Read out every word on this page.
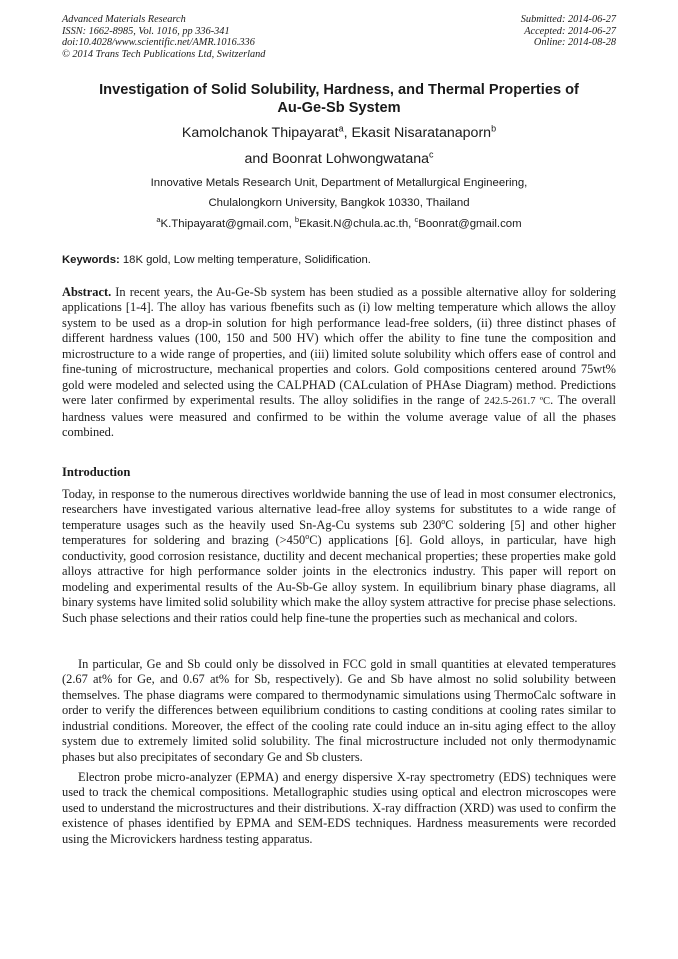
Advanced Materials Research
ISSN: 1662-8985, Vol. 1016, pp 336-341
doi:10.4028/www.scientific.net/AMR.1016.336
© 2014 Trans Tech Publications Ltd, Switzerland
Submitted: 2014-06-27
Accepted: 2014-06-27
Online: 2014-08-28
Investigation of Solid Solubility, Hardness, and Thermal Properties of
Au-Ge-Sb System
Kamolchanok Thipayarat$^a$, Ekasit Nisaratanaporn$^b$
and Boonrat Lohwongwatana$^c$
Innovative Metals Research Unit, Department of Metallurgical Engineering,
Chulalongkorn University, Bangkok 10330, Thailand
$^a$K.Thipayarat@gmail.com, $^b$Ekasit.N@chula.ac.th, $^c$Boonrat@gmail.com
Keywords: 18K gold, Low melting temperature, Solidification.
Abstract. In recent years, the Au-Ge-Sb system has been studied as a possible alternative alloy for soldering applications [1-4]. The alloy has various fbenefits such as (i) low melting temperature which allows the alloy system to be used as a drop-in solution for high performance lead-free solders, (ii) three distinct phases of different hardness values (100, 150 and 500 HV) which offer the ability to fine tune the composition and microstructure to a wide range of properties, and (iii) limited solute solubility which offers ease of control and fine-tuning of microstructure, mechanical properties and colors. Gold compositions centered around 75wt% gold were modeled and selected using the CALPHAD (CALculation of PHAse Diagram) method. Predictions were later confirmed by experimental results. The alloy solidifies in the range of 242.5-261.7 ºC. The overall hardness values were measured and confirmed to be within the volume average value of all the phases combined.
Introduction
Today, in response to the numerous directives worldwide banning the use of lead in most consumer electronics, researchers have investigated various alternative lead-free alloy systems for substitutes to a wide range of temperature usages such as the heavily used Sn-Ag-Cu systems sub 230$^o$C soldering [5] and other higher temperatures for soldering and brazing $(>450^oC)$ applications [6]. Gold alloys, in particular, have high conductivity, good corrosion resistance, ductility and decent mechanical properties; these properties make gold alloys attractive for high performance solder joints in the electronics industry. This paper will report on modeling and experimental results of the Au-Sb-Ge alloy system. In equilibrium binary phase diagrams, all binary systems have limited solid solubility which make the alloy system attractive for precise phase selections. Such phase selections and their ratios could help fine-tune the properties such as mechanical and colors.
In particular, Ge and Sb could only be dissolved in FCC gold in small quantities at elevated temperatures (2.67 at% for Ge, and 0.67 at% for Sb, respectively). Ge and Sb have almost no solid solubility between themselves. The phase diagrams were compared to thermodynamic simulations using ThermoCalc software in order to verify the differences between equilibrium conditions to casting conditions at cooling rates similar to industrial conditions. Moreover, the effect of the cooling rate could induce an in-situ aging effect to the alloy system due to extremely limited solid solubility. The final microstructure included not only thermodynamic phases but also precipitates of secondary Ge and Sb clusters.
Electron probe micro-analyzer (EPMA) and energy dispersive X-ray spectrometry (EDS) techniques were used to track the chemical compositions. Metallographic studies using optical and electron microscopes were used to understand the microstructures and their distributions. X-ray diffraction (XRD) was used to confirm the existence of phases identified by EPMA and SEM-EDS techniques. Hardness measurements were recorded using the Microvickers hardness testing apparatus.
